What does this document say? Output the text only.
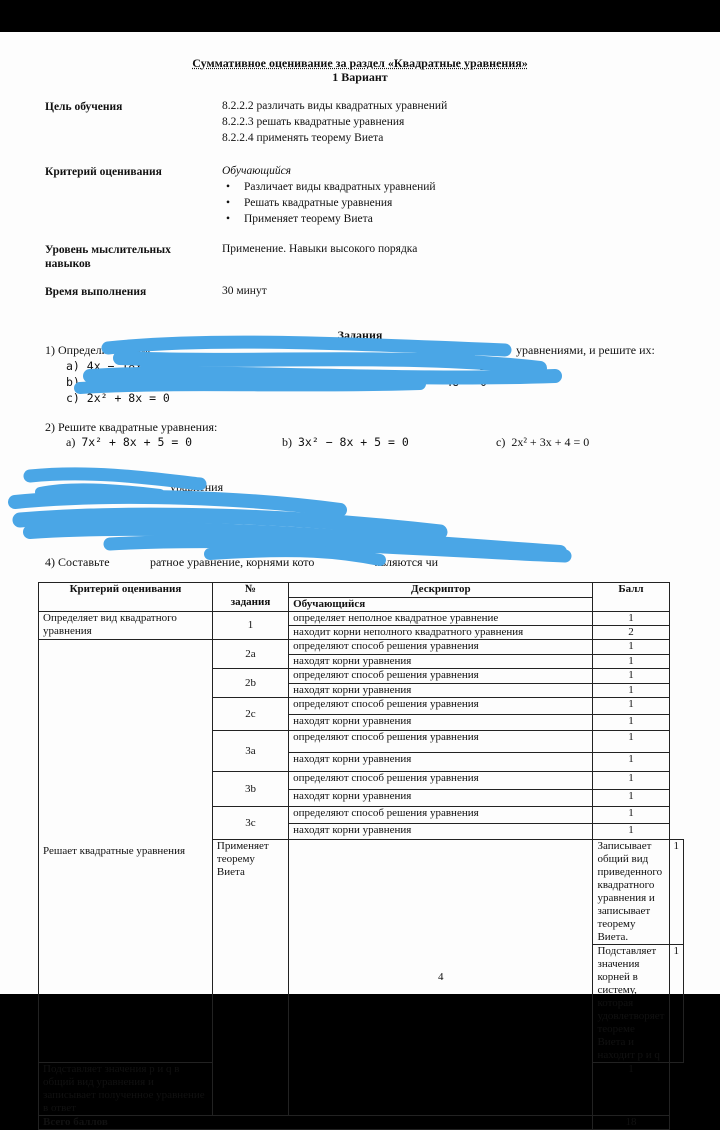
Суммативное оценивание за раздел «Квадратные уравнения»
1 Вариант
Цель обучения	8.2.2.2 различать виды квадратных уравнений
8.2.2.3 решать квадратные уравнения
8.2.2.4 применять теорему Виета
Критерий оценивания	Обучающийся
• Различает виды квадратных уравнений
• Решать квадратные уравнения
• Применяет теорему Виета
Уровень мыслительных
навыков
Применение. Навыки высокого порядка
Время выполнения	30 минут
Задания
1) Определите, какие	уравнениями, и решите их:
a) 4x − 18x	− 1 = 0
b)	c) 3x − 48 = 0
c) 2x² + 8x = 0
2) Решите квадратные уравнения:
a) 7x² + 8x + 5 = 0	b) 3x² − 8x + 5 = 0	c) 2x² + 3x + 4 = 0
уравнения
4) Составьте	ратное уравнение, корнями кото	являются чи
Критерий оценивания	№
задания	Дескриптор	Балл	
		Обучающийся		
Определяет вид квадратного уравнения	1	определяет неполное квадратное уравнение	1	
		находит корни неполного квадратного уравнения	2	
Решает квадратные уравнения	2a	определяют способ решения уравнения	1	
		находят корни уравнения	1	
	2b	определяют способ решения уравнения	1	
		находят корни уравнения	1	
	2c	определяют способ решения уравнения	1	
		находят корни уравнения	1	
	3a	определяют способ решения уравнения	1	
		находят корни уравнения	1	
	3b	определяют способ решения уравнения	1	
		находят корни уравнения	1	
	3c	определяют способ решения уравнения	1	
		находят корни уравнения	1	
	Применяет теорему Виета	4	Записывает общий вид приведенного квадратного уравнения и записывает теорему Виета.	1
			Подставляет значения корней в систему, которая удовлетворяет теореме Виета и находит p и q	1
Подставляет значения p и q в общий вид уравнения и записывает полученное уравнение в ответ			1	
Всего баллов			18	
